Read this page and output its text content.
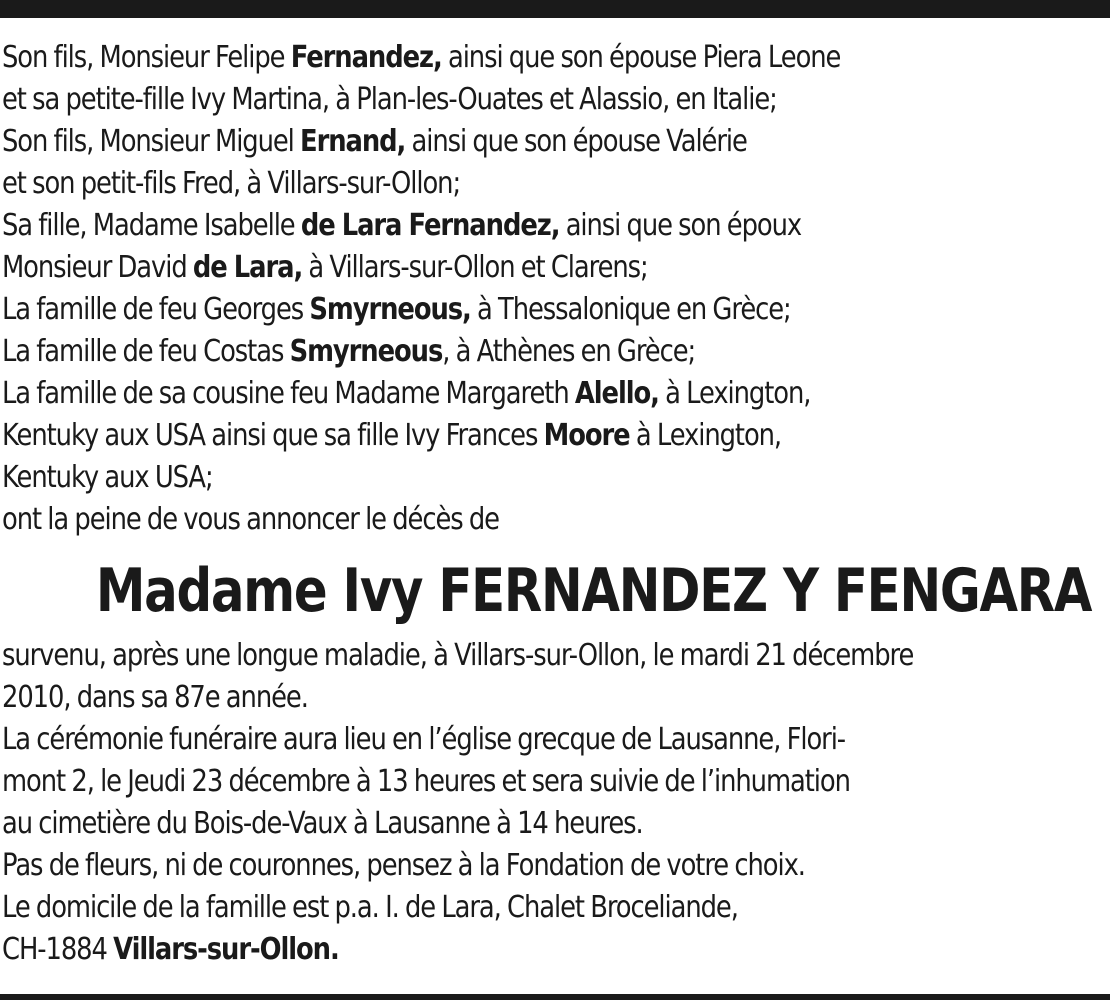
Son fils, Monsieur Felipe Fernandez, ainsi que son épouse Piera Leone
et sa petite-fille Ivy Martina, à Plan-les-Ouates et Alassio, en Italie;
Son fils, Monsieur Miguel Ernand, ainsi que son épouse Valérie
et son petit-fils Fred, à Villars-sur-Ollon;
Sa fille, Madame Isabelle de Lara Fernandez, ainsi que son époux
Monsieur David de Lara, à Villars-sur-Ollon et Clarens;
La famille de feu Georges Smyrneous, à Thessalonique en Grèce;
La famille de feu Costas Smyrneous, à Athènes en Grèce;
La famille de sa cousine feu Madame Margareth Alello, à Lexington,
Kentuky aux USA ainsi que sa fille Ivy Frances Moore à Lexington,
Kentuky aux USA;
ont la peine de vous annoncer le décès de
Madame Ivy FERNANDEZ Y FENGARA
survenu, après une longue maladie, à Villars-sur-Ollon, le mardi 21 décembre
2010, dans sa 87e année.
La cérémonie funéraire aura lieu en l’église grecque de Lausanne, Flori-
mont 2, le Jeudi 23 décembre à 13 heures et sera suivie de l’inhumation
au cimetière du Bois-de-Vaux à Lausanne à 14 heures.
Pas de fleurs, ni de couronnes, pensez à la Fondation de votre choix.
Le domicile de la famille est p.a. I. de Lara, Chalet Broceliande,
CH-1884 Villars-sur-Ollon.
